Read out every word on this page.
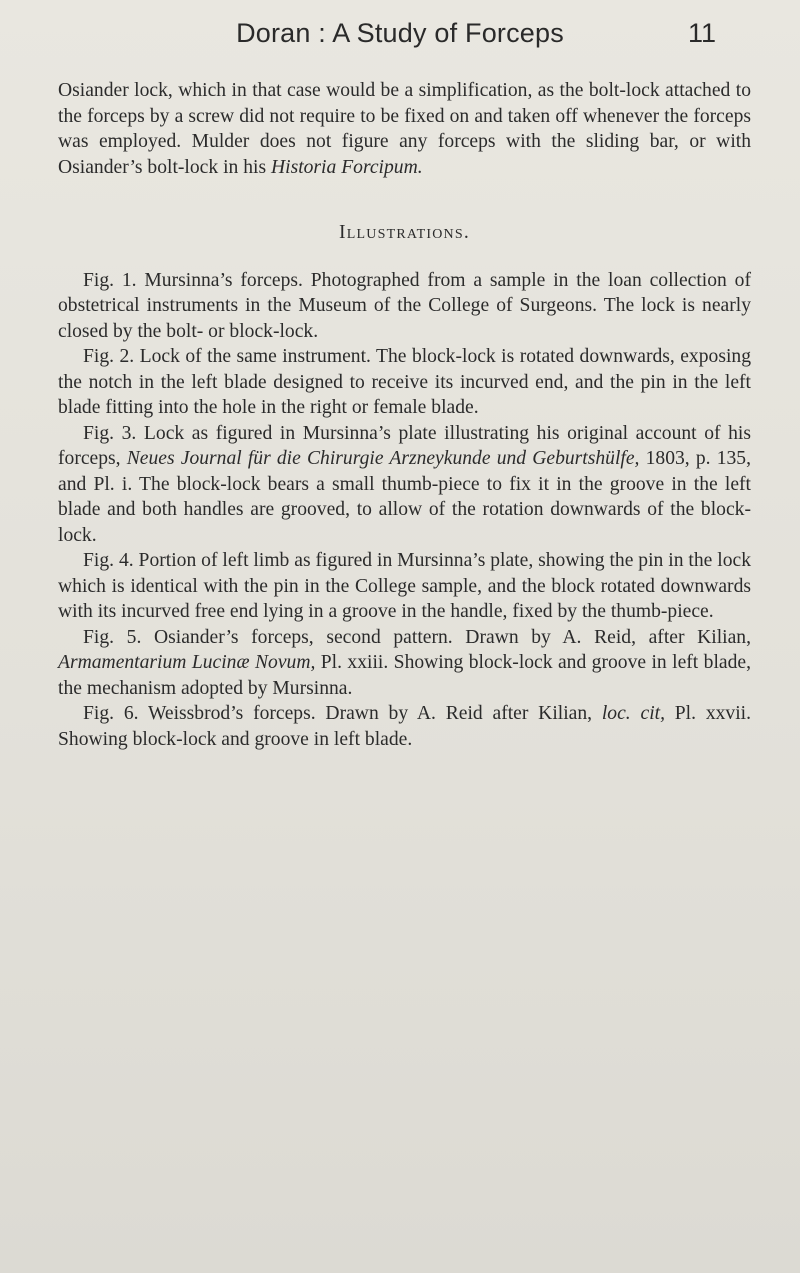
Doran : A Study of Forceps	11

Osiander lock, which in that case would be a simplification, as the bolt-lock attached to the forceps by a screw did not require to be fixed on and taken off whenever the forceps was employed. Mulder does not figure any forceps with the sliding bar, or with Osiander’s bolt-lock in his Historia Forcipum.

Illustrations.

Fig. 1. Mursinna’s forceps. Photographed from a sample in the loan collection of obstetrical instruments in the Museum of the College of Surgeons. The lock is nearly closed by the bolt- or block-lock.

Fig. 2. Lock of the same instrument. The block-lock is rotated downwards, exposing the notch in the left blade designed to receive its incurved end, and the pin in the left blade fitting into the hole in the right or female blade.

Fig. 3. Lock as figured in Mursinna’s plate illustrating his original account of his forceps, Neues Journal für die Chirurgie Arzneykunde und Geburtshülfe, 1803, p. 135, and Pl. i. The block-lock bears a small thumb-piece to fix it in the groove in the left blade and both handles are grooved, to allow of the rotation downwards of the block-lock.

Fig. 4. Portion of left limb as figured in Mursinna’s plate, showing the pin in the lock which is identical with the pin in the College sample, and the block rotated downwards with its incurved free end lying in a groove in the handle, fixed by the thumb-piece.

Fig. 5. Osiander’s forceps, second pattern. Drawn by A. Reid, after Kilian, Armamentarium Lucinæ Novum, Pl. xxiii. Showing block-lock and groove in left blade, the mechanism adopted by Mursinna.

Fig. 6. Weissbrod’s forceps. Drawn by A. Reid after Kilian, loc. cit, Pl. xxvii. Showing block-lock and groove in left blade.
